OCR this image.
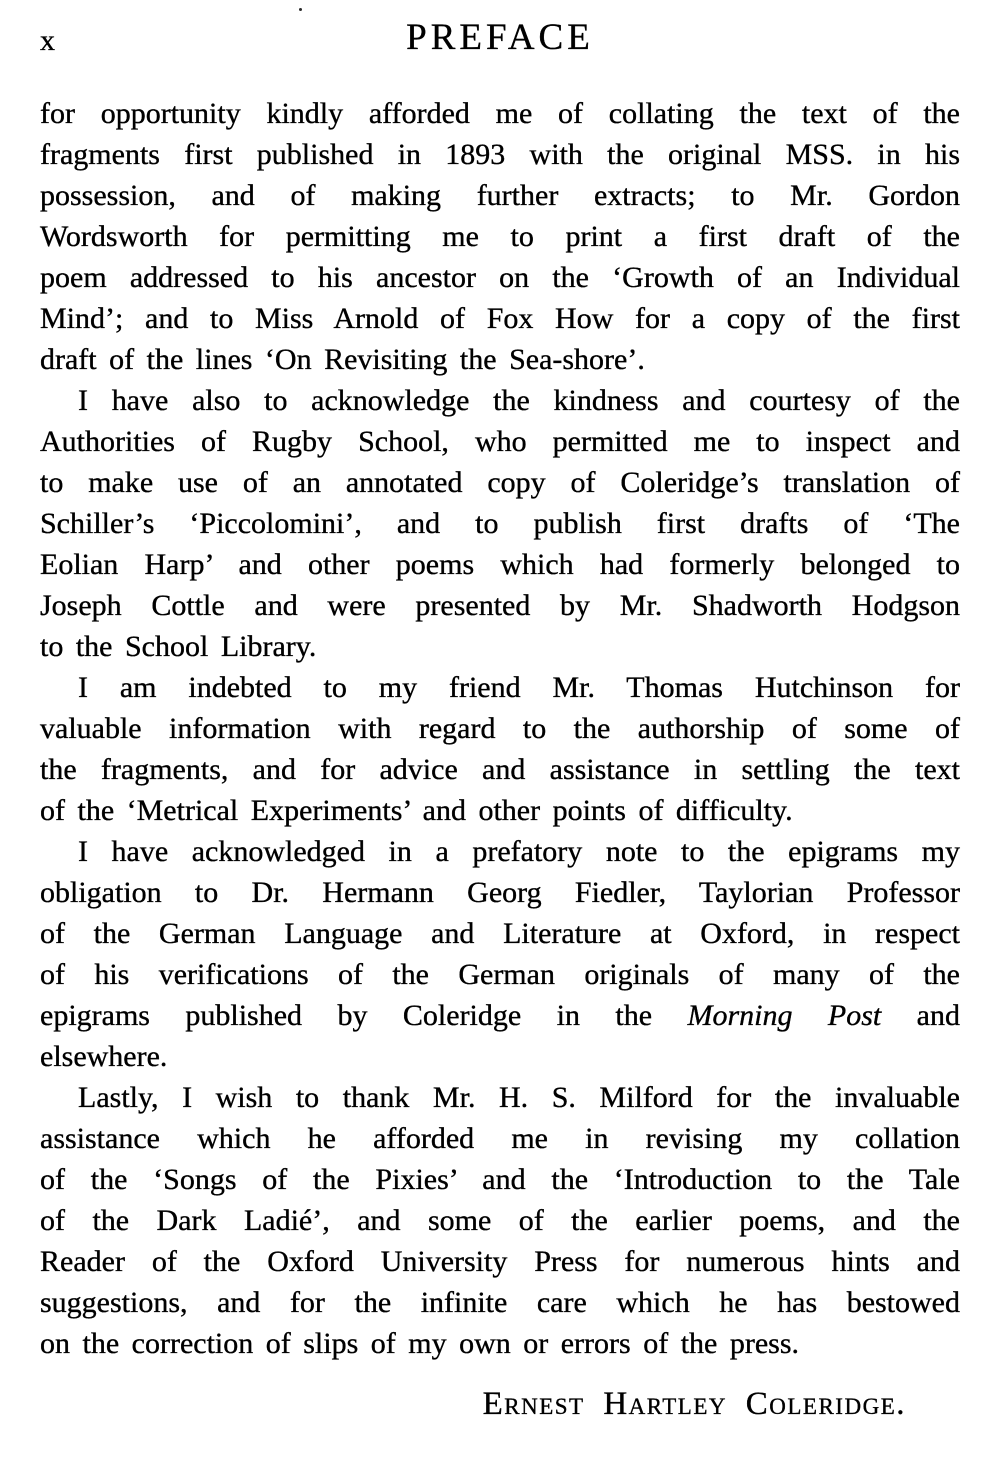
x	PREFACE
for opportunity kindly afforded me of collating the text of the
fragments first published in 1893 with the original MSS. in his
possession, and of making further extracts; to Mr. Gordon
Wordsworth for permitting me to print a first draft of the
poem addressed to his ancestor on the ‘Growth of an Individual
Mind’; and to Miss Arnold of Fox How for a copy of the first
draft of the lines ‘On Revisiting the Sea-shore’.
I have also to acknowledge the kindness and courtesy of the
Authorities of Rugby School, who permitted me to inspect and
to make use of an annotated copy of Coleridge’s translation of
Schiller’s ‘Piccolomini’, and to publish first drafts of ‘The
Eolian Harp’ and other poems which had formerly belonged to
Joseph Cottle and were presented by Mr. Shadworth Hodgson
to the School Library.
I am indebted to my friend Mr. Thomas Hutchinson for
valuable information with regard to the authorship of some of
the fragments, and for advice and assistance in settling the text
of the ‘Metrical Experiments’ and other points of difficulty.
I have acknowledged in a prefatory note to the epigrams my
obligation to Dr. Hermann Georg Fiedler, Taylorian Professor
of the German Language and Literature at Oxford, in respect
of his verifications of the German originals of many of the
epigrams published by Coleridge in the Morning Post and
elsewhere.
Lastly, I wish to thank Mr. H. S. Milford for the invaluable
assistance which he afforded me in revising my collation
of the ‘Songs of the Pixies’ and the ‘Introduction to the Tale
of the Dark Ladié’, and some of the earlier poems, and the
Reader of the Oxford University Press for numerous hints and
suggestions, and for the infinite care which he has bestowed
on the correction of slips of my own or errors of the press.
Ernest Hartley Coleridge.
